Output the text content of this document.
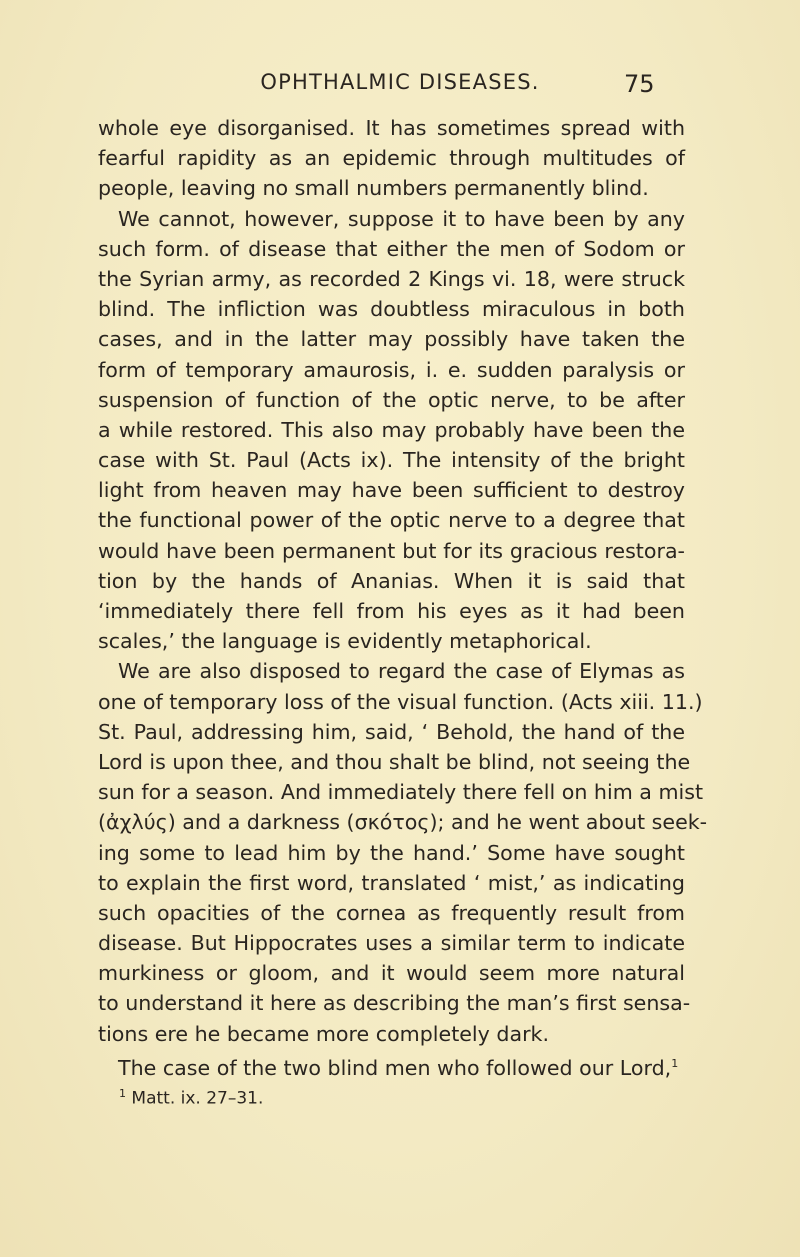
OPHTHALMIC DISEASES.	75
whole eye disorganised. It has sometimes spread with
fearful rapidity as an epidemic through multitudes of
people, leaving no small numbers permanently blind.
We cannot, however, suppose it to have been by any
such form. of disease that either the men of Sodom or
the Syrian army, as recorded 2 Kings vi. 18, were struck
blind. The infliction was doubtless miraculous in both
cases, and in the latter may possibly have taken the
form of temporary amaurosis, i. e. sudden paralysis or
suspension of function of the optic nerve, to be after
a while restored. This also may probably have been the
case with St. Paul (Acts ix). The intensity of the bright
light from heaven may have been sufficient to destroy
the functional power of the optic nerve to a degree that
would have been permanent but for its gracious restora-
tion by the hands of Ananias. When it is said that
‘immediately there fell from his eyes as it had been
scales,’ the language is evidently metaphorical.
We are also disposed to regard the case of Elymas as
one of temporary loss of the visual function. (Acts xiii. 11.)
St. Paul, addressing him, said, ‘ Behold, the hand of the
Lord is upon thee, and thou shalt be blind, not seeing the
sun for a season. And immediately there fell on him a mist
(ἀχλύς) and a darkness (σκότος); and he went about seek-
ing some to lead him by the hand.’ Some have sought
to explain the first word, translated ‘ mist,’ as indicating
such opacities of the cornea as frequently result from
disease. But Hippocrates uses a similar term to indicate
murkiness or gloom, and it would seem more natural
to understand it here as describing the man’s first sensa-
tions ere he became more completely dark.
The case of the two blind men who followed our Lord,$^1$
$^1$ Matt. ix. 27–31.
